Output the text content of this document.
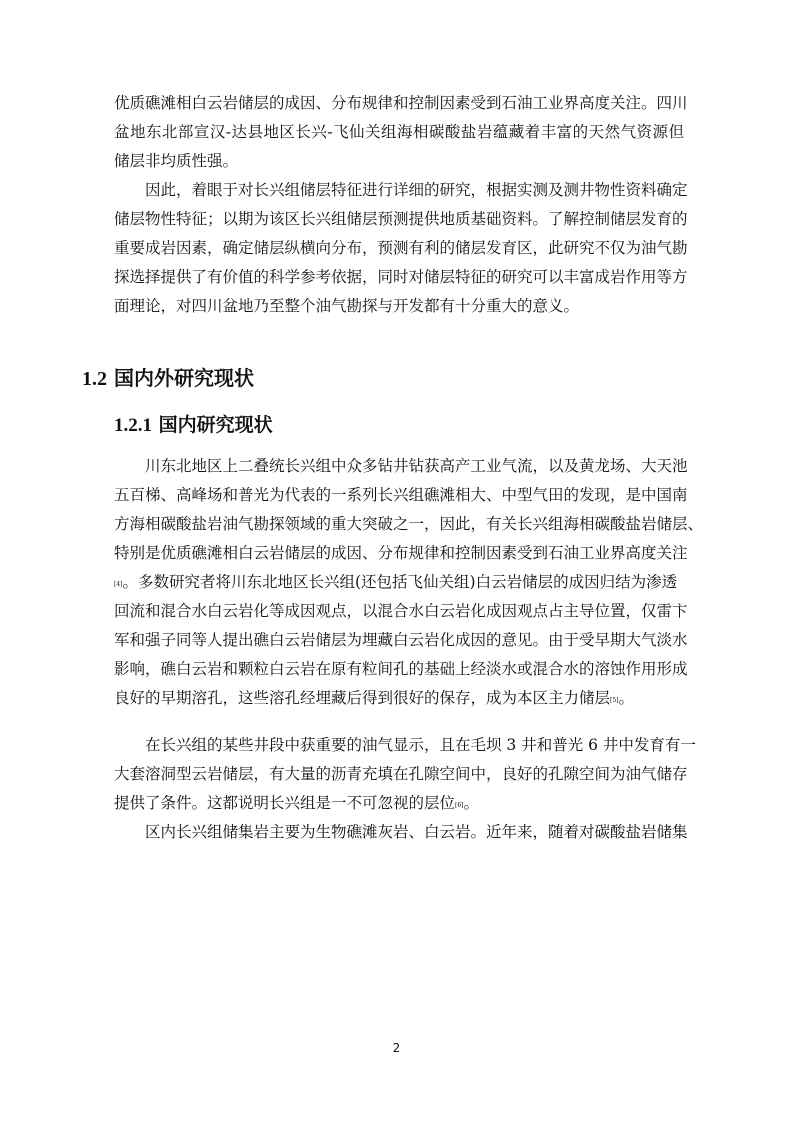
优质礁滩相白云岩储层的成因、分布规律和控制因素受到石油工业界高度关注。四川
盆地东北部宣汉-达县地区长兴-飞仙关组海相碳酸盐岩蕴藏着丰富的天然气资源但
储层非均质性强。
因此，着眼于对长兴组储层特征进行详细的研究，根据实测及测井物性资料确定
储层物性特征；以期为该区长兴组储层预测提供地质基础资料。了解控制储层发育的
重要成岩因素，确定储层纵横向分布，预测有利的储层发育区，此研究不仅为油气勘
探选择提供了有价值的科学参考依据，同时对储层特征的研究可以丰富成岩作用等方
面理论，对四川盆地乃至整个油气勘探与开发都有十分重大的意义。
1.2 国内外研究现状
1.2.1 国内研究现状
川东北地区上二叠统长兴组中众多钻井钻获高产工业气流，以及黄龙场、大天池
五百梯、高峰场和普光为代表的一系列长兴组礁滩相大、中型气田的发现，是中国南
方海相碳酸盐岩油气勘探领域的重大突破之一，因此，有关长兴组海相碳酸盐岩储层、
特别是优质礁滩相白云岩储层的成因、分布规律和控制因素受到石油工业界高度关注
[4]。多数研究者将川东北地区长兴组(还包括飞仙关组)白云岩储层的成因归结为渗透
回流和混合水白云岩化等成因观点，以混合水白云岩化成因观点占主导位置，仅雷卞
军和强子同等人提出礁白云岩储层为埋藏白云岩化成因的意见。由于受早期大气淡水
影响，礁白云岩和颗粒白云岩在原有粒间孔的基础上经淡水或混合水的溶蚀作用形成
良好的早期溶孔，这些溶孔经埋藏后得到很好的保存，成为本区主力储层[5]。
在长兴组的某些井段中获重要的油气显示，且在毛坝 3 井和普光 6 井中发育有一
大套溶洞型云岩储层，有大量的沥青充填在孔隙空间中，良好的孔隙空间为油气储存
提供了条件。这都说明长兴组是一不可忽视的层位[6]。
区内长兴组储集岩主要为生物礁滩灰岩、白云岩。近年来，随着对碳酸盐岩储集
2
